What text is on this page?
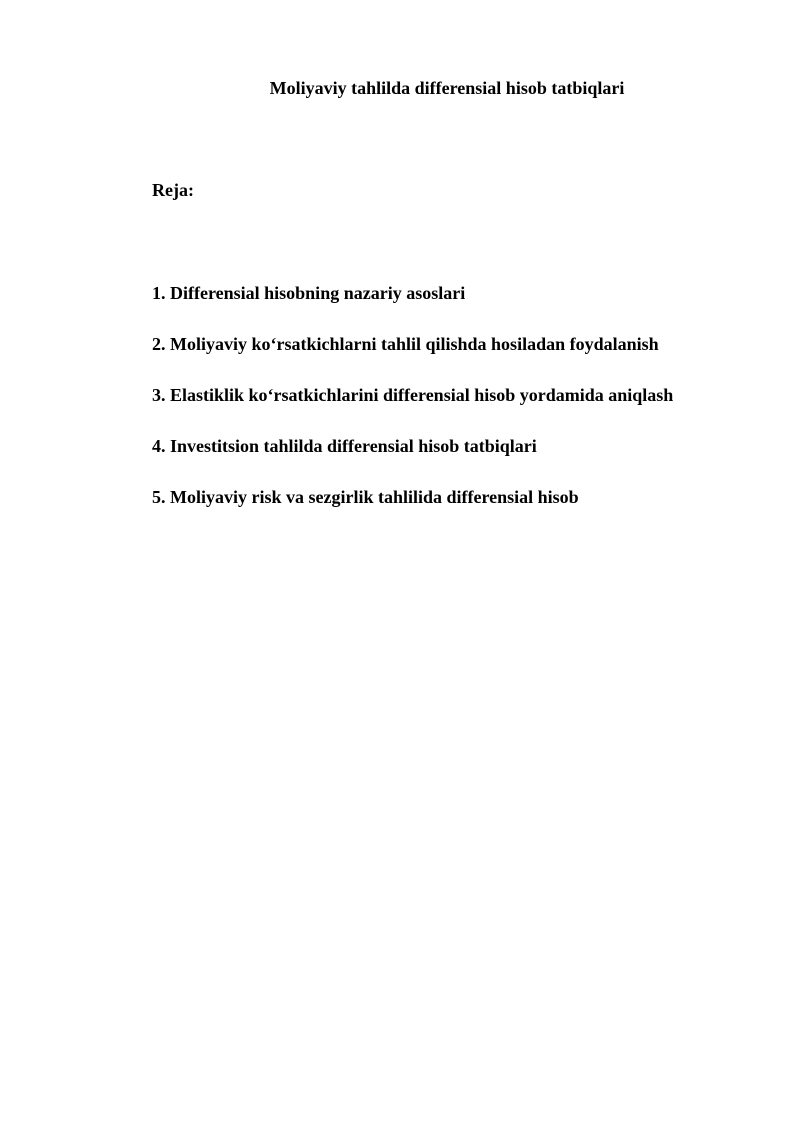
Moliyaviy tahlilda differensial hisob tatbiqlari
Reja:
1. Differensial hisobning nazariy asoslari
2. Moliyaviy ko‘rsatkichlarni tahlil qilishda hosiladan foydalanish
3. Elastiklik ko‘rsatkichlarini differensial hisob yordamida aniqlash
4. Investitsion tahlilda differensial hisob tatbiqlari
5. Moliyaviy risk va sezgirlik tahlilida differensial hisob
